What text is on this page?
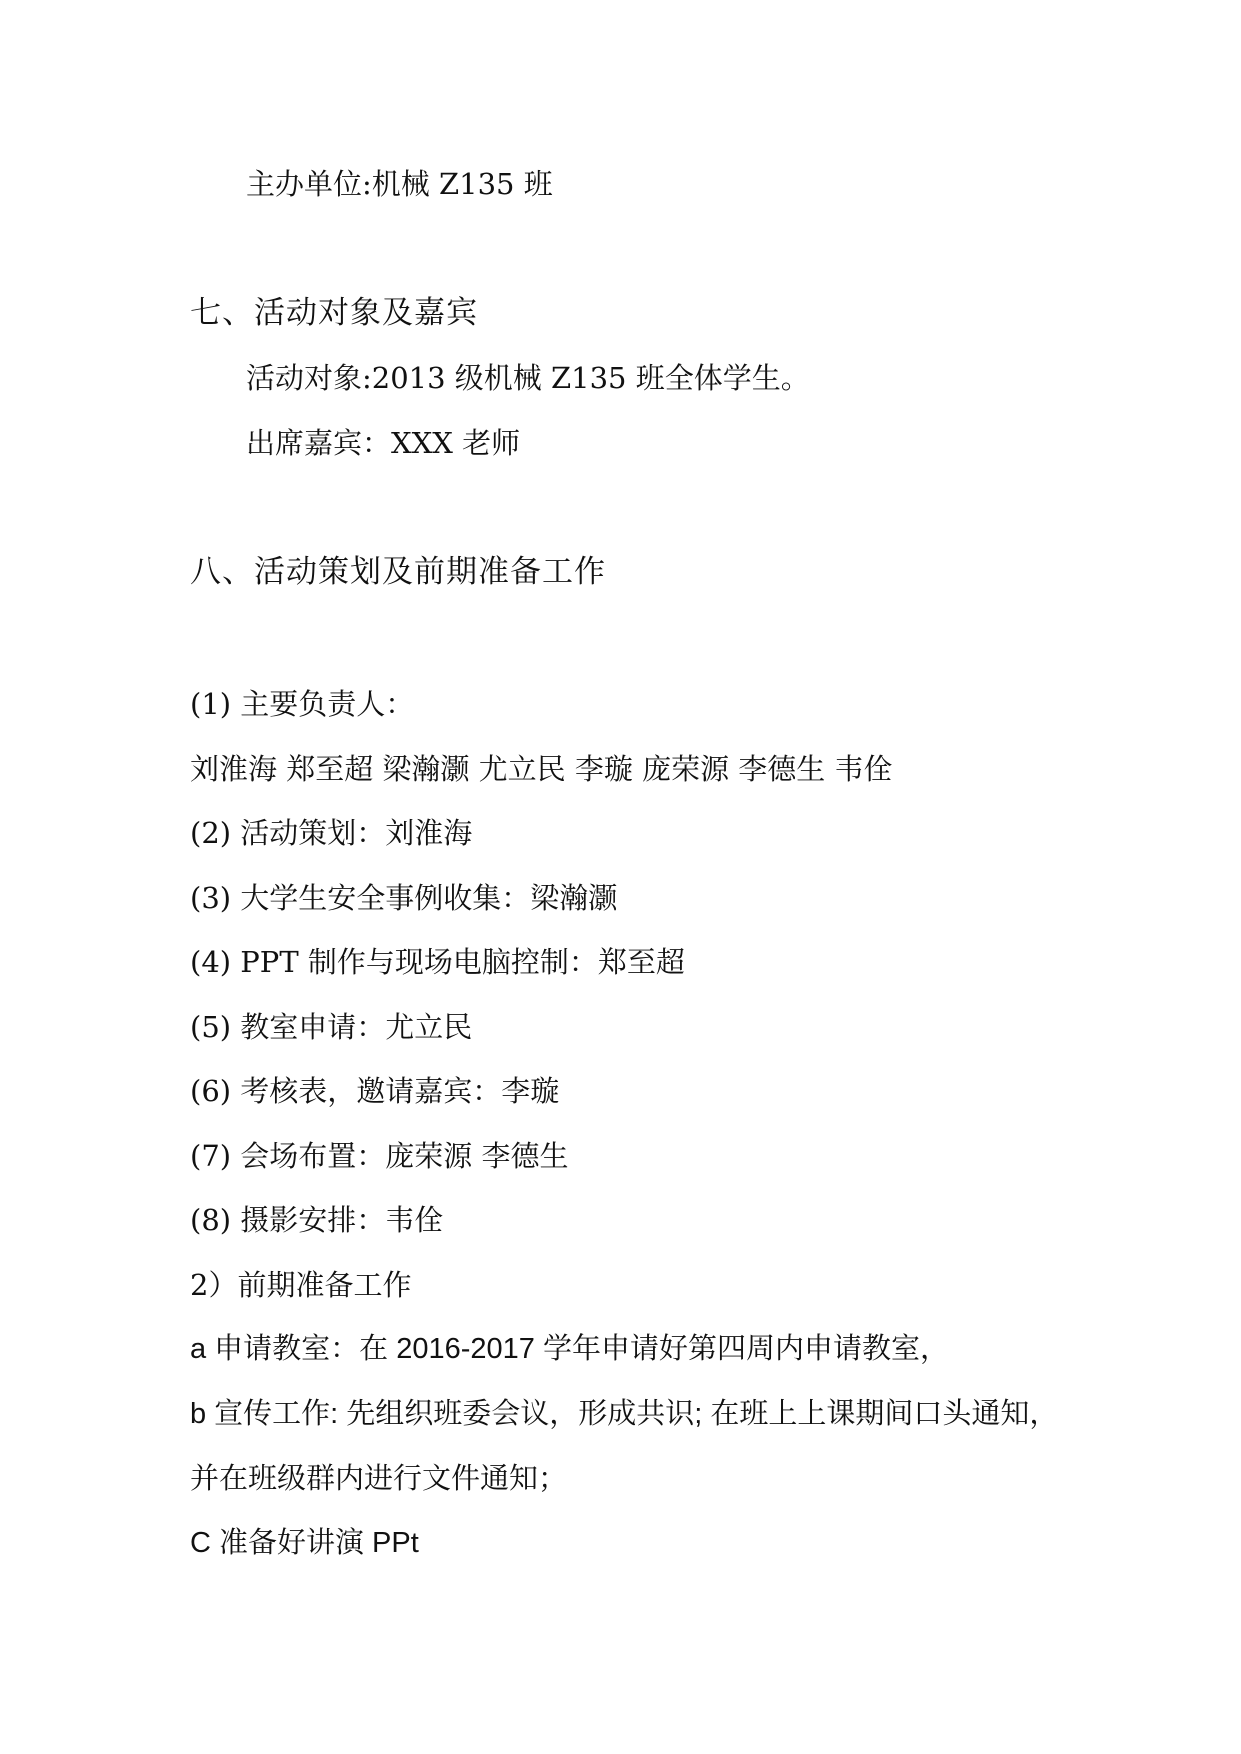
主办单位:机械 Z135 班
七、活动对象及嘉宾
活动对象:2013 级机械 Z135 班全体学生。
出席嘉宾：XXX 老师
八、活动策划及前期准备工作
(1) 主要负责人：
刘淮海 郑至超 梁瀚灏 尤立民 李璇 庞荣源 李德生 韦佺
(2) 活动策划：刘淮海
(3) 大学生安全事例收集：梁瀚灏
(4) PPT 制作与现场电脑控制：郑至超
(5) 教室申请：尤立民
(6) 考核表，邀请嘉宾：李璇
(7) 会场布置：庞荣源 李德生
(8) 摄影安排：韦佺
2）前期准备工作
a 申请教室：在 2016-2017 学年申请好第四周内申请教室，
b 宣传工作: 先组织班委会议，形成共识; 在班上上课期间口头通知，
并在班级群内进行文件通知；
C 准备好讲演 PPt
